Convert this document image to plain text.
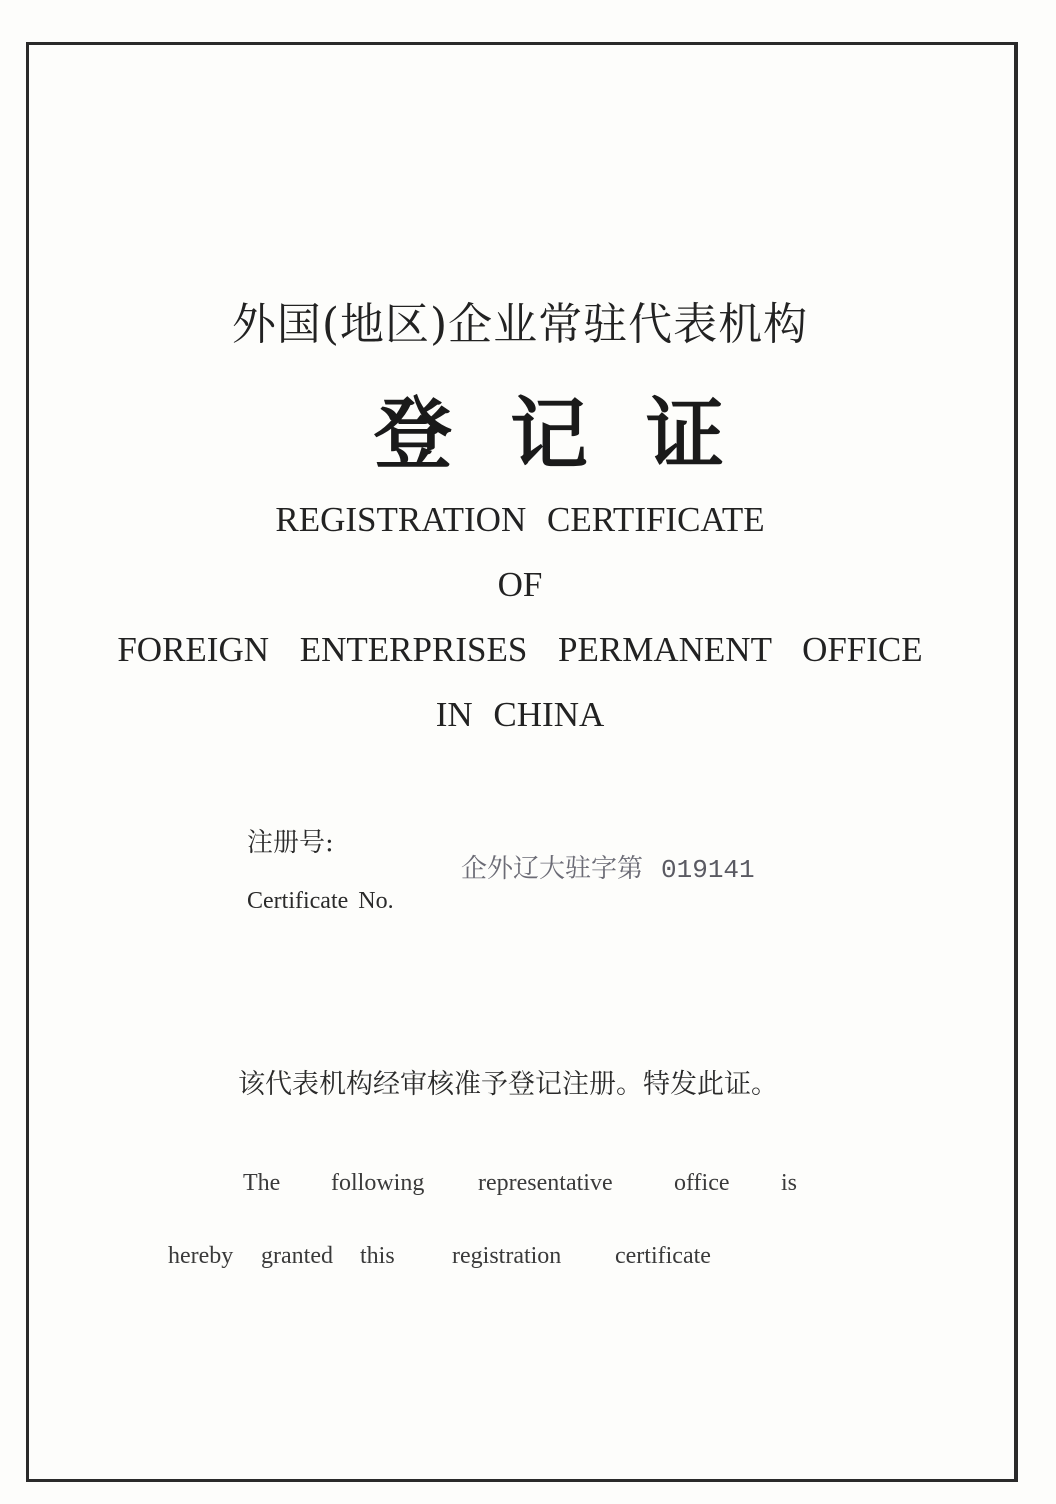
外国(地区)企业常驻代表机构
登记证
REGISTRATION CERTIFICATE
OF
FOREIGN ENTERPRISES PERMANENT OFFICE
IN CHINA
注册号:
Certificate No.
企外辽大驻字第 019141
该代表机构经审核准予登记注册。特发此证。
The following representative	office is
hereby granted this registration certificate
